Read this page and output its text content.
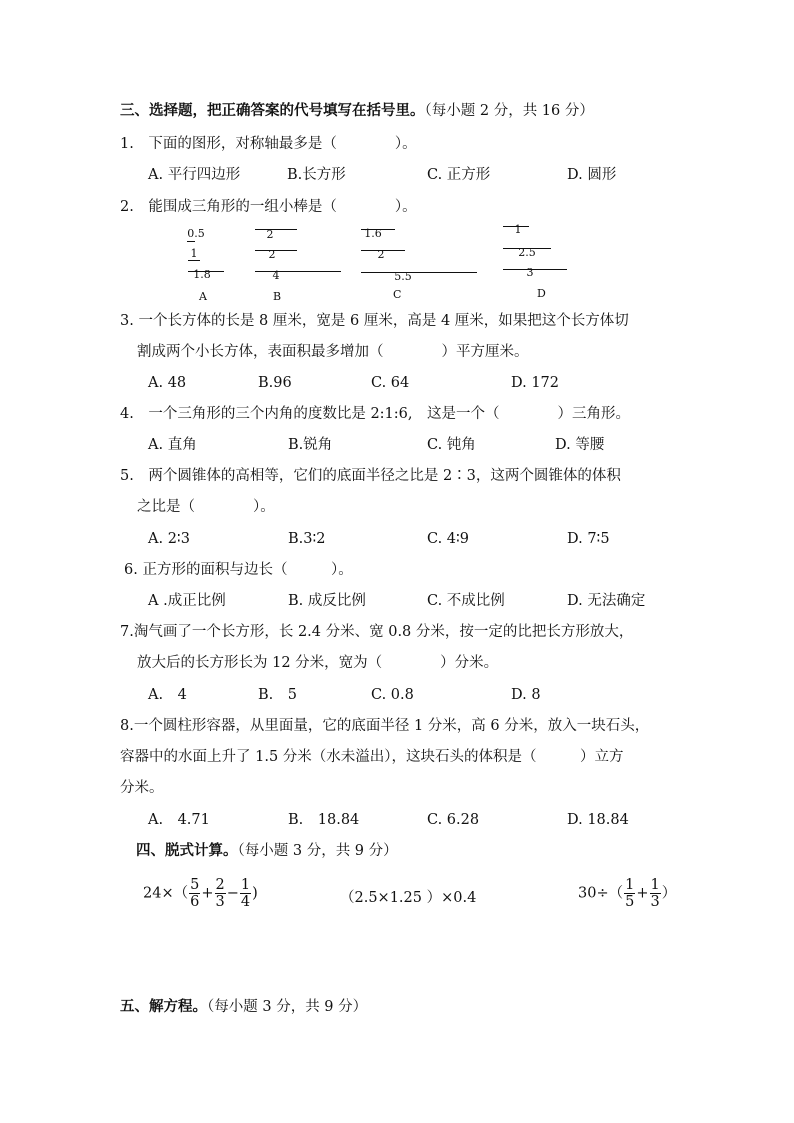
三、选择题，把正确答案的代号填写在括号里。（每小题 2 分，共 16 分）
1.　下面的图形，对称轴最多是（　　　　）。
A. 平行四边形	B.长方形	C. 正方形	D. 圆形
2.　能围成三角形的一组小棒是（　　　　）。
0.5
1
1.8
A
2
2
4
B
1.6
2
5.5
C
1
2.5
3
D
3. 一个长方体的长是 8 厘米，宽是 6 厘米，高是 4 厘米，如果把这个长方体切
割成两个小长方体，表面积最多增加（　　　　）平方厘米。
A. 48	B.96	C. 64	D. 172
4.　一个三角形的三个内角的度数比是 2:1:6,　这是一个（　　　　）三角形。
A. 直角	B.锐角	C. 钝角	D. 等腰
5.　两个圆锥体的高相等，它们的底面半径之比是 2∶3，这两个圆锥体的体积
之比是（　　　　）。
A. 2∶3	B.3∶2	C. 4∶9	D. 7∶5
6. 正方形的面积与边长（　　　）。
A .成正比例	B. 成反比例	C. 不成比例	D. 无法确定
7.淘气画了一个长方形，长 2.4 分米、宽 0.8 分米，按一定的比把长方形放大，
放大后的长方形长为 12 分米，宽为（　　　　）分米。
A.　4	B.　5	C. 0.8	D. 8
8.一个圆柱形容器，从里面量，它的底面半径 1 分米，高 6 分米，放入一块石头，
容器中的水面上升了 1.5 分米（水未溢出），这块石头的体积是（　　　）立方
分米。
A.　4.71	B.　18.84	C. 6.28	D. 18.84
四、脱式计算。（每小题 3 分，共 9 分）
$24\times( \frac{5}{6} + \frac{2}{3} - \frac{1}{4}$ )	（2.5×1.25 ）×0.4	$30\div( \frac{1}{5} + \frac{1}{3}$ ）
五、解方程。（每小题 3 分，共 9 分）
